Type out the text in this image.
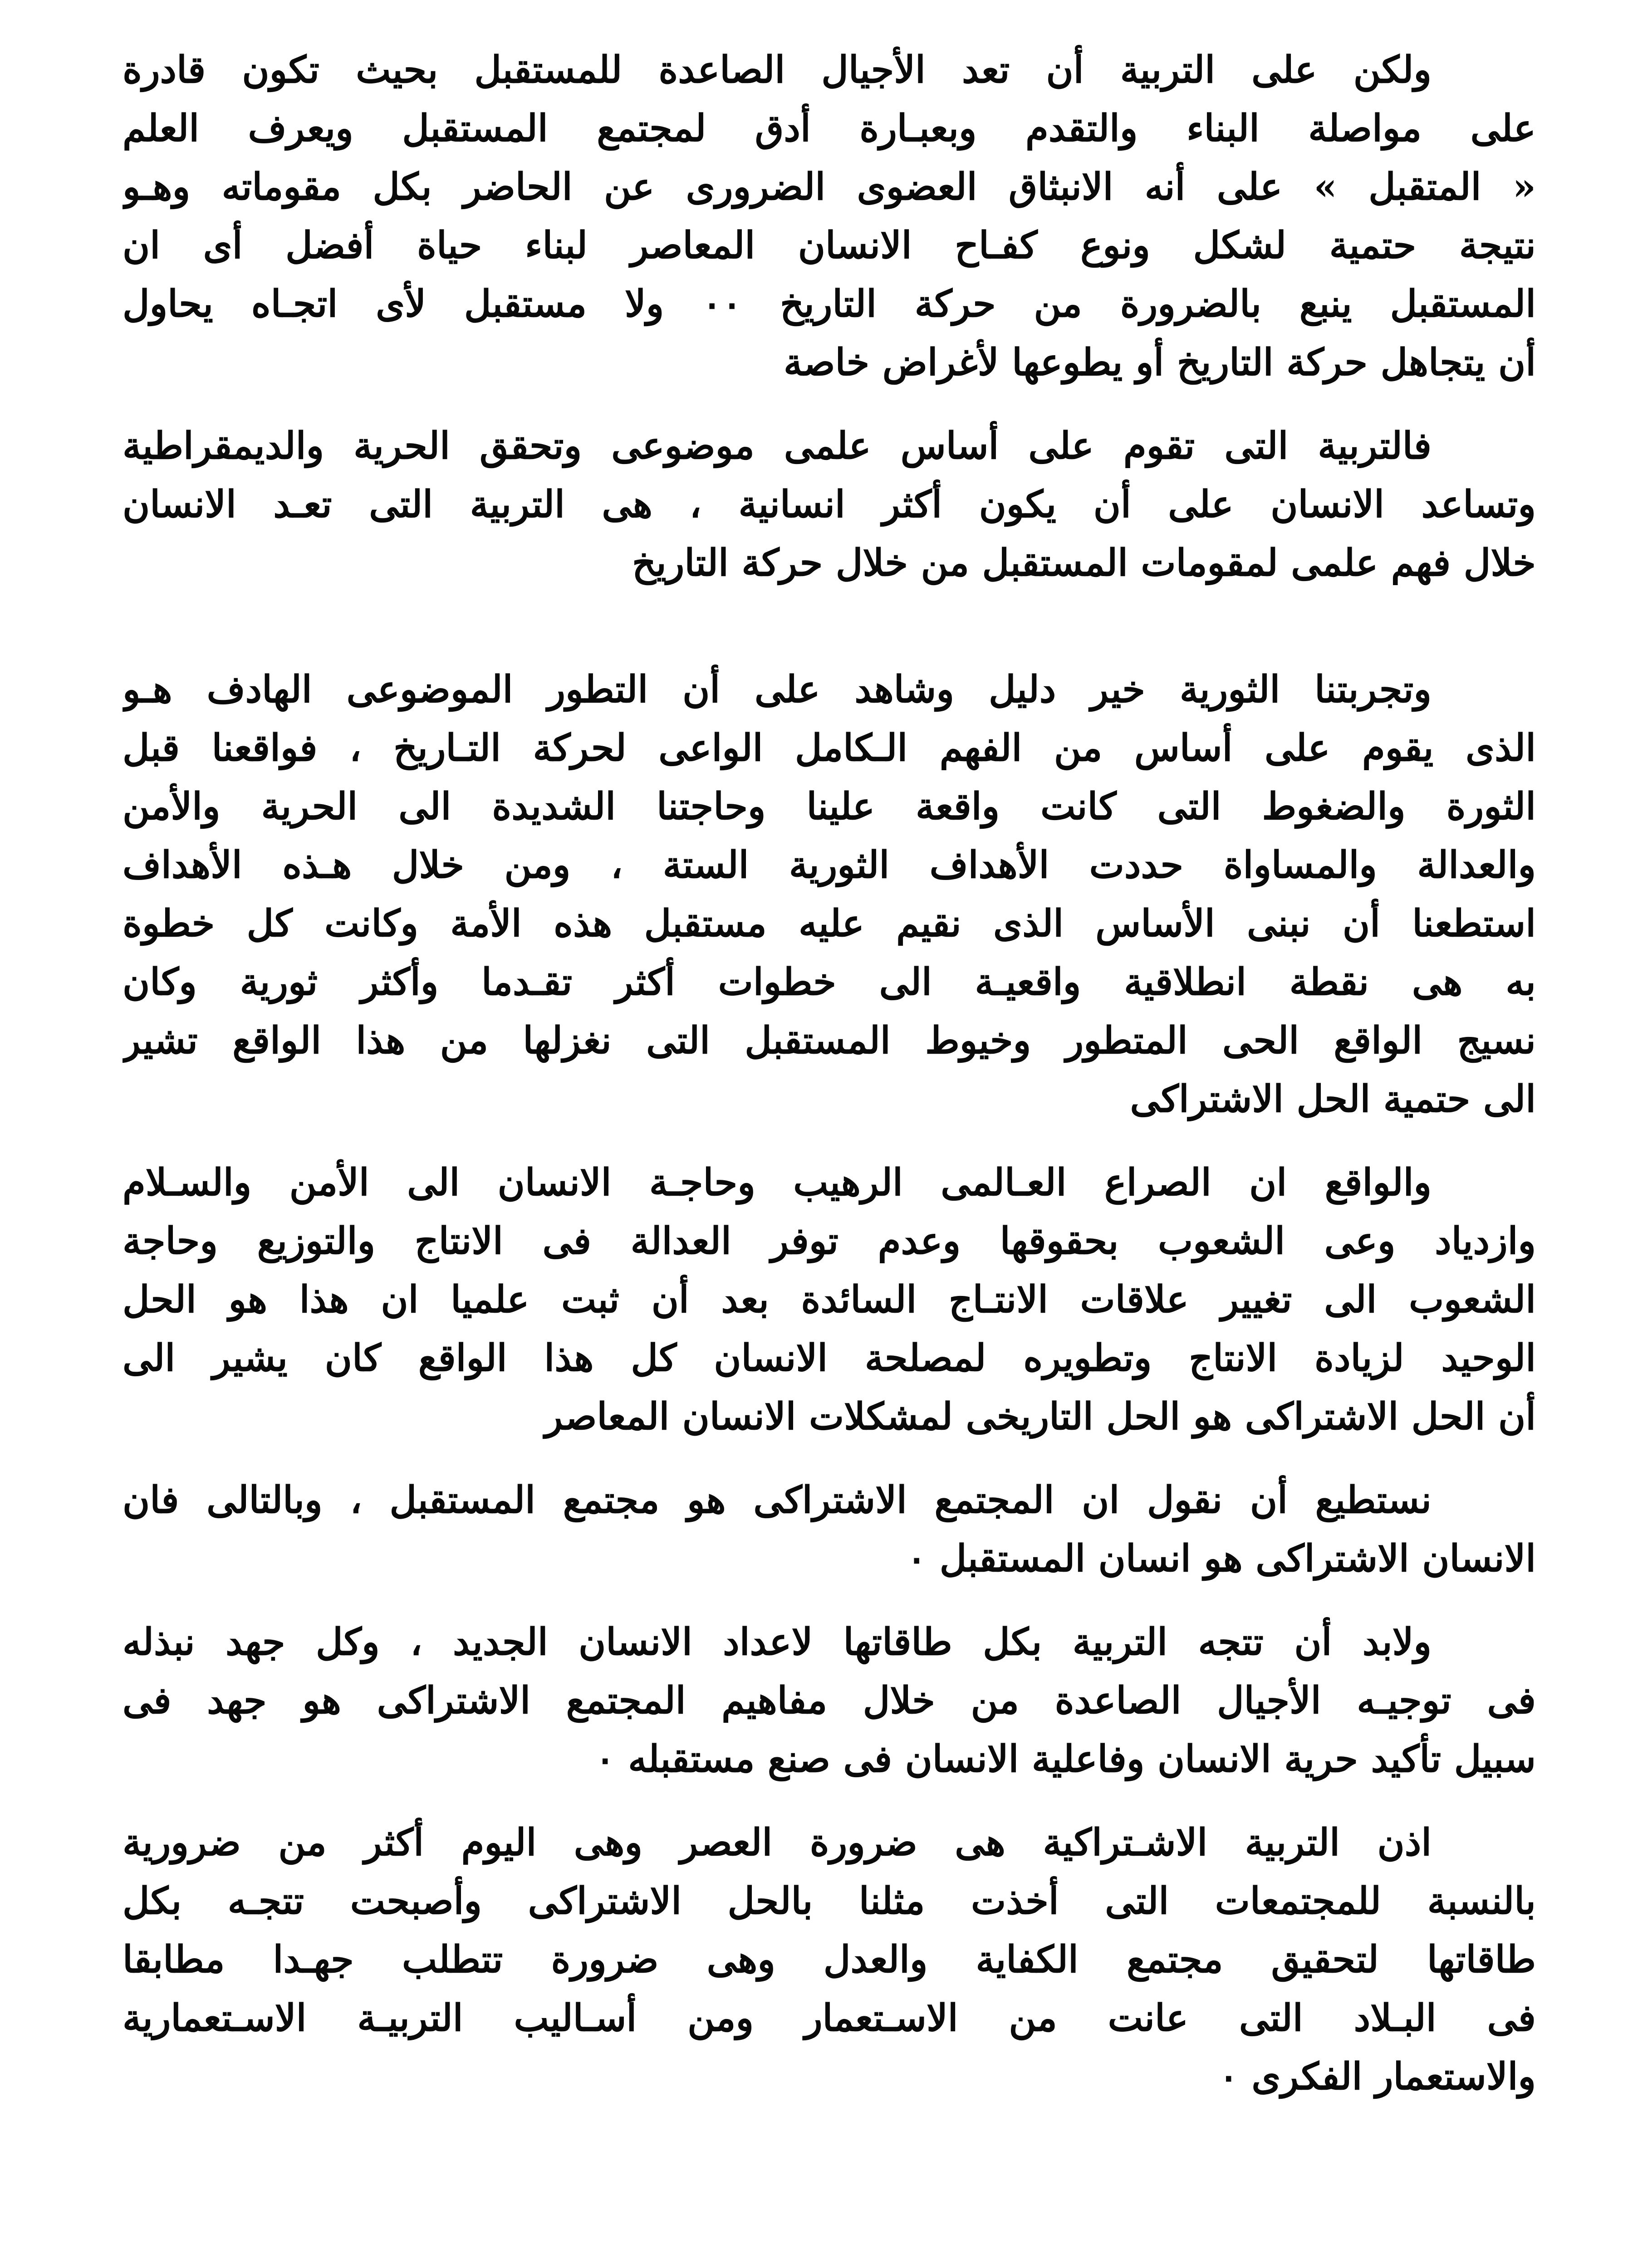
ولكن على التربية أن تعد الأجيال الصاعدة للمستقبل بحيث تكون قادرة
على مواصلة البناء والتقدم وبعبـارة أدق لمجتمع المستقبل ويعرف العلم
« المتقبل » على أنه الانبثاق العضوى الضرورى عن الحاضر بكل مقوماته وهـو
نتيجة حتمية لشكل ونوع كفـاح الانسان المعاصر لبناء حياة أفضل أى ان
المستقبل ينبع بالضرورة من حركة التاريخ ٠٠ ولا مستقبل لأى اتجـاه يحاول
أن يتجاهل حركة التاريخ أو يطوعها لأغراض خاصة
فالتربية التى تقوم على أساس علمى موضوعى وتحقق الحرية والديمقراطية
وتساعد الانسان على أن يكون أكثر انسانية ، هى التربية التى تعـد الانسان
خلال فهم علمى لمقومات المستقبل من خلال حركة التاريخ
وتجربتنا الثورية خير دليل وشاهد على أن التطور الموضوعى الهادف هـو
الذى يقوم على أساس من الفهم الـكامل الواعى لحركة التـاريخ ، فواقعنا قبل
الثورة والضغوط التى كانت واقعة علينا وحاجتنا الشديدة الى الحرية والأمن
والعدالة والمساواة حددت الأهداف الثورية الستة ، ومن خلال هـذه الأهداف
استطعنا أن نبنى الأساس الذى نقيم عليه مستقبل هذه الأمة وكانت كل خطوة
به هى نقطة انطلاقية واقعيـة الى خطوات أكثر تقـدما وأكثر ثورية وكان
نسيج الواقع الحى المتطور وخيوط المستقبل التى نغزلها من هذا الواقع تشير
الى حتمية الحل الاشتراكى
والواقع ان الصراع العـالمى الرهيب وحاجـة الانسان الى الأمن والسـلام
وازدياد وعى الشعوب بحقوقها وعدم توفر العدالة فى الانتاج والتوزيع وحاجة
الشعوب الى تغيير علاقات الانتـاج السائدة بعد أن ثبت علميا ان هذا هو الحل
الوحيد لزيادة الانتاج وتطويره لمصلحة الانسان كل هذا الواقع كان يشير الى
أن الحل الاشتراكى هو الحل التاريخى لمشكلات الانسان المعاصر
نستطيع أن نقول ان المجتمع الاشتراكى هو مجتمع المستقبل ، وبالتالى فان
الانسان الاشتراكى هو انسان المستقبل ٠
ولابد أن تتجه التربية بكل طاقاتها لاعداد الانسان الجديد ، وكل جهد نبذله
فى توجيـه الأجيال الصاعدة من خلال مفاهيم المجتمع الاشتراكى هو جهد فى
سبيل تأكيد حرية الانسان وفاعلية الانسان فى صنع مستقبله ٠
اذن التربية الاشـتراكية هى ضرورة العصر وهى اليوم أكثر من ضرورية
بالنسبة للمجتمعات التى أخذت مثلنا بالحل الاشتراكى وأصبحت تتجـه بكل
طاقاتها لتحقيق مجتمع الكفاية والعدل وهى ضرورة تتطلب جهـدا مطابقا
فى البـلاد التى عانت من الاسـتعمار ومن أسـاليب التربيـة الاسـتعمارية
والاستعمار الفكرى ٠
